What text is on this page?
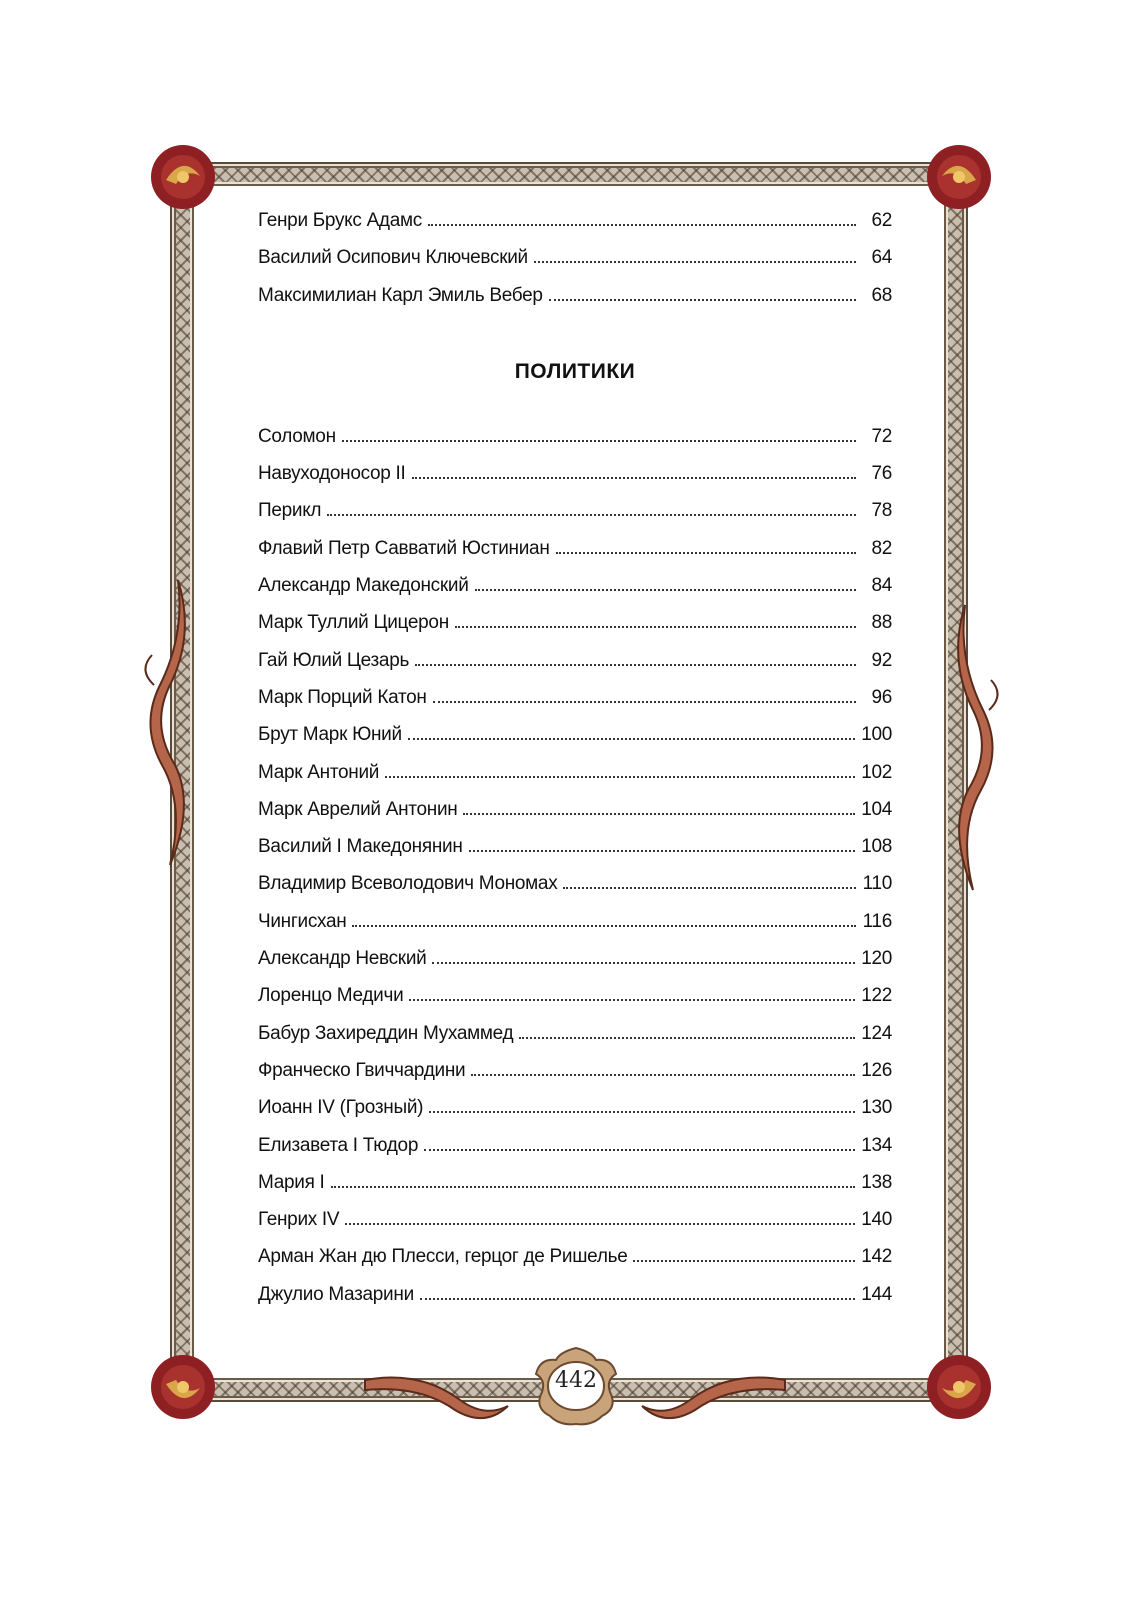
442
Генри Брукс Адамс	62
Василий Осипович Ключевский	64
Максимилиан Карл Эмиль Вебер	68
ПОЛИТИКИ
Соломон	72
Навуходоносор II	76
Перикл	78
Флавий Петр Савватий Юстиниан	82
Александр Македонский	84
Марк Туллий Цицерон	88
Гай Юлий Цезарь	92
Марк Порций Катон	96
Брут Марк Юний	100
Марк Антоний	102
Марк Аврелий Антонин	104
Василий I Македонянин	108
Владимир Всеволодович Мономах	110
Чингисхан	116
Александр Невский	120
Лоренцо Медичи	122
Бабур Захиреддин Мухаммед	124
Франческо Гвиччардини	126
Иоанн IV (Грозный)	130
Елизавета I Тюдор	134
Мария I	138
Генрих IV	140
Арман Жан дю Плесси, герцог де Ришелье	142
Джулио Мазарини	144
